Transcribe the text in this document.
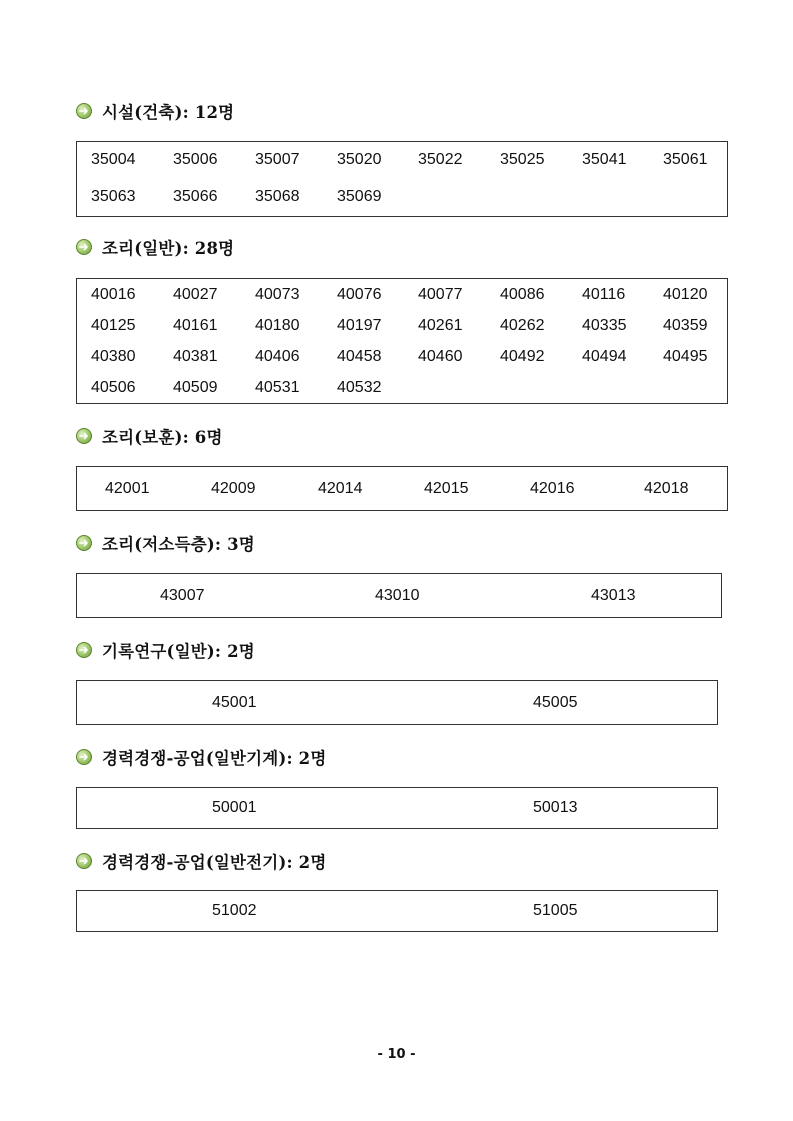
시설(건축): 12명
35004 35006 35007 35020 35022 35025 35041 35061
35063 35066 35068 35069
조리(일반): 28명
40016 40027 40073 40076 40077 40086 40116 40120
40125 40161 40180 40197 40261 40262 40335 40359
40380 40381 40406 40458 40460 40492 40494 40495
40506 40509 40531 40532
조리(보훈): 6명
42001	42009	42014	42015	42016	42018
조리(저소득층): 3명
43007	43010	43013
기록연구(일반): 2명
45001	45005
경력경쟁-공업(일반기계): 2명
50001	50013
경력경쟁-공업(일반전기): 2명
51002	51005
- 10 -
